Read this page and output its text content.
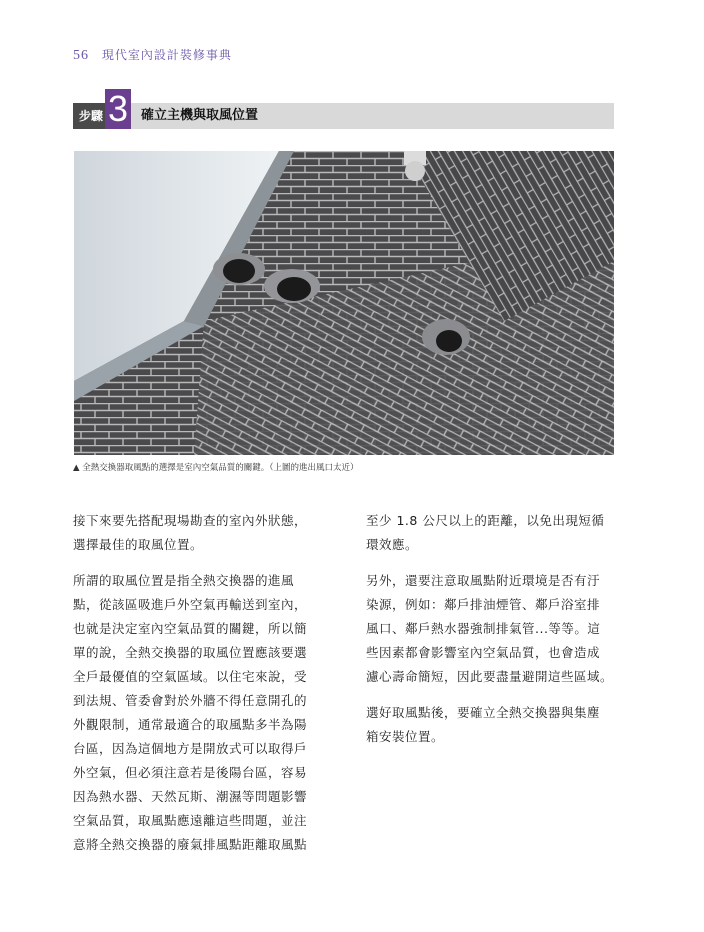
56 現代室內設計裝修事典
步驟 3 確立主機與取風位置
▲ 全熱交換器取風點的選擇是室內空氣品質的關鍵。（上圖的進出風口太近）

接下來要先搭配現場勘查的室內外狀態，
選擇最佳的取風位置。

所謂的取風位置是指全熱交換器的進風
點，從該區吸進戶外空氣再輸送到室內，
也就是決定室內空氣品質的關鍵，所以簡
單的說，全熱交換器的取風位置應該要選
全戶最優值的空氣區域。以住宅來說，受
到法規、管委會對於外牆不得任意開孔的
外觀限制，通常最適合的取風點多半為陽
台區，因為這個地方是開放式可以取得戶
外空氣，但必須注意若是後陽台區，容易
因為熱水器、天然瓦斯、潮濕等問題影響
空氣品質，取風點應遠離這些問題，並注
意將全熱交換器的廢氣排風點距離取風點

至少 1.8 公尺以上的距離，以免出現短循
環效應。

另外，還要注意取風點附近環境是否有汙
染源，例如：鄰戶排油煙管、鄰戶浴室排
風口、鄰戶熱水器強制排氣管...等等。這
些因素都會影響室內空氣品質，也會造成
濾心壽命簡短，因此要盡量避開這些區域。

選好取風點後，要確立全熱交換器與集塵
箱安裝位置。
